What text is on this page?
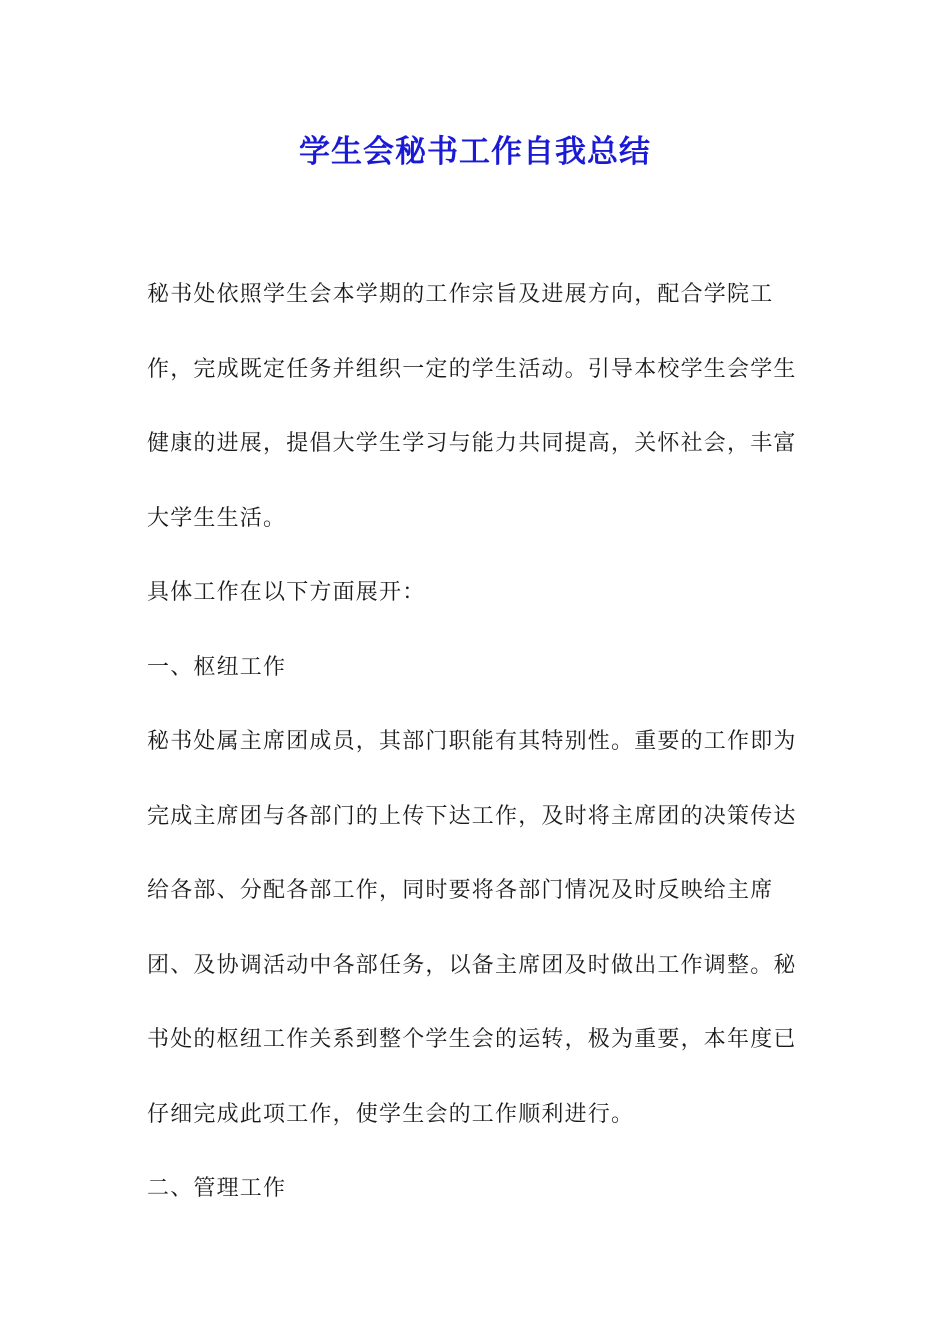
学生会秘书工作自我总结

秘书处依照学生会本学期的工作宗旨及进展方向，配合学院工作，完成既定任务并组织一定的学生活动。引导本校学生会学生健康的进展，提倡大学生学习与能力共同提高，关怀社会，丰富大学生生活。

具体工作在以下方面展开：

一、枢纽工作

秘书处属主席团成员，其部门职能有其特别性。重要的工作即为完成主席团与各部门的上传下达工作，及时将主席团的决策传达给各部、分配各部工作，同时要将各部门情况及时反映给主席团、及协调活动中各部任务，以备主席团及时做出工作调整。秘书处的枢纽工作关系到整个学生会的运转，极为重要，本年度已仔细完成此项工作，使学生会的工作顺利进行。

二、管理工作
